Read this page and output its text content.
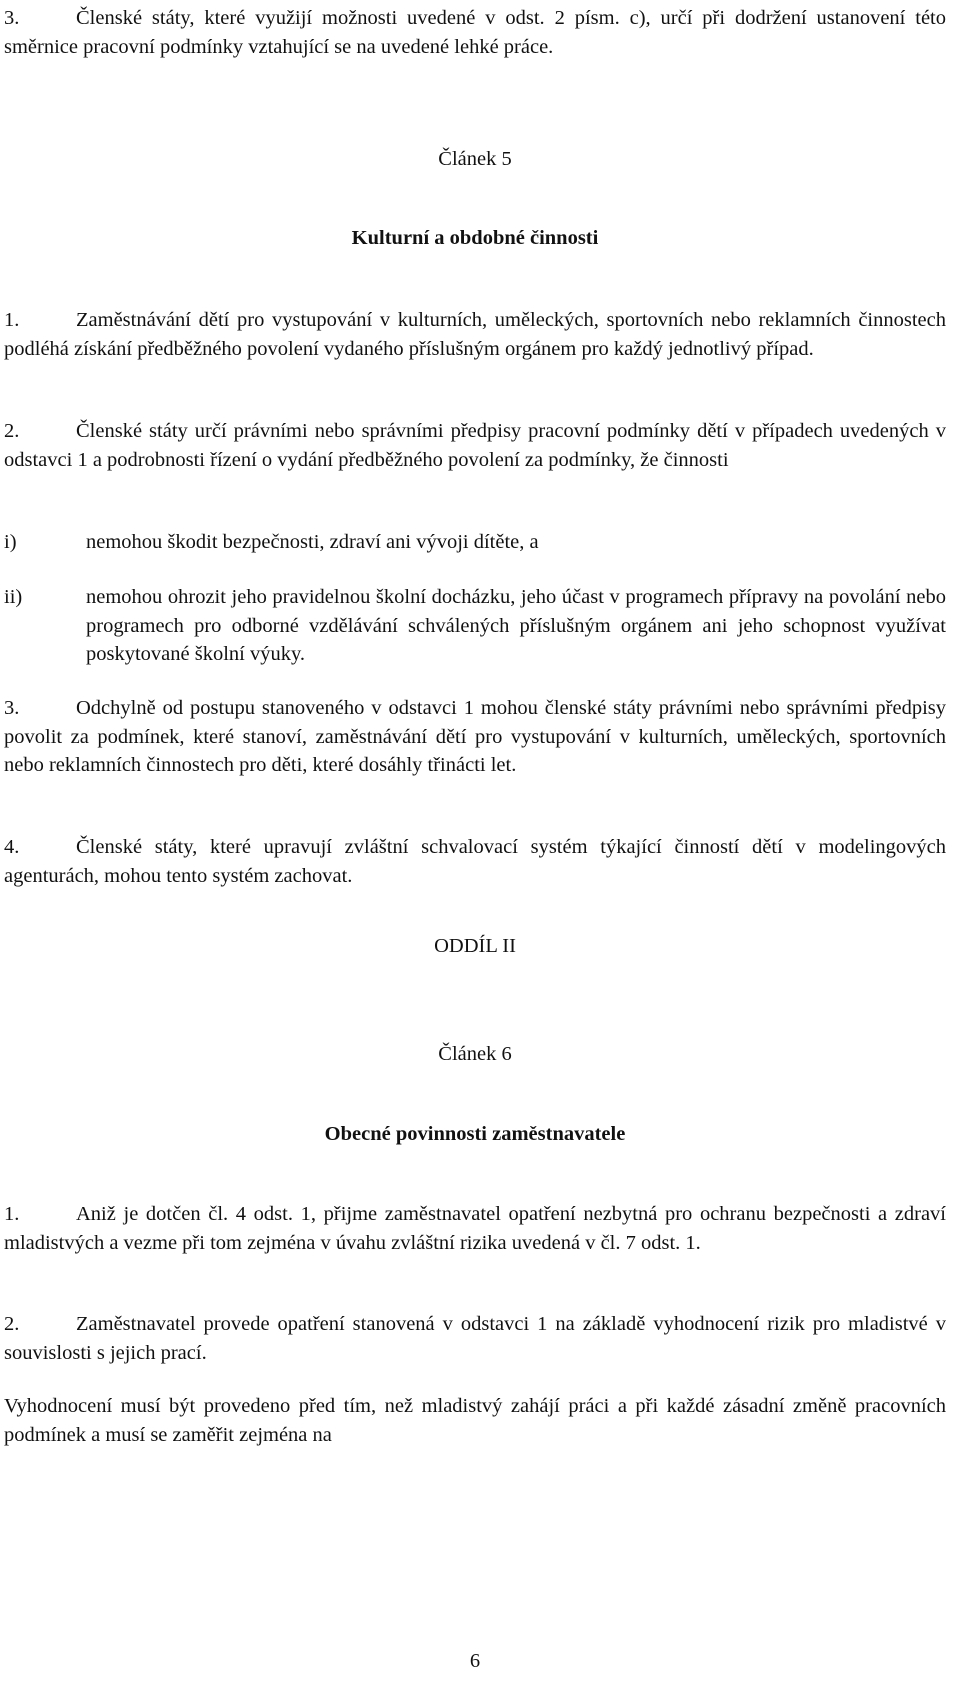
3.	Členské státy, které využijí možnosti uvedené v odst. 2 písm. c), určí při dodržení ustanovení této směrnice pracovní podmínky vztahující se na uvedené lehké práce.

Článek 5

Kulturní a obdobné činnosti

1.	Zaměstnávání dětí pro vystupování v kulturních, uměleckých, sportovních nebo reklamních činnostech podléhá získání předběžného povolení vydaného příslušným orgánem pro každý jednotlivý případ.

2.	Členské státy určí právními nebo správními předpisy pracovní podmínky dětí v případech uvedených v odstavci 1 a podrobnosti řízení o vydání předběžného povolení za podmínky, že činnosti

i)	nemohou škodit bezpečnosti, zdraví ani vývoji dítěte, a
ii)	nemohou ohrozit jeho pravidelnou školní docházku, jeho účast v programech přípravy na povolání nebo programech pro odborné vzdělávání schválených příslušným orgánem ani jeho schopnost využívat poskytované školní výuky.

3.	Odchylně od postupu stanoveného v odstavci 1 mohou členské státy právními nebo správními předpisy povolit za podmínek, které stanoví, zaměstnávání dětí pro vystupování v kulturních, uměleckých, sportovních nebo reklamních činnostech pro děti, které dosáhly třinácti let.

4.	Členské státy, které upravují zvláštní schvalovací systém týkající činností dětí v modelingových agenturách, mohou tento systém zachovat.

ODDÍL II

Článek 6

Obecné povinnosti zaměstnavatele

1.	Aniž je dotčen čl. 4 odst. 1, přijme zaměstnavatel opatření nezbytná pro ochranu bezpečnosti a zdraví mladistvých a vezme při tom zejména v úvahu zvláštní rizika uvedená v čl. 7 odst. 1.

2.	Zaměstnavatel provede opatření stanovená v odstavci 1 na základě vyhodnocení rizik pro mladistvé v souvislosti s jejich prací.

Vyhodnocení musí být provedeno před tím, než mladistvý zahájí práci a při každé zásadní změně pracovních podmínek a musí se zaměřit zejména na

6
